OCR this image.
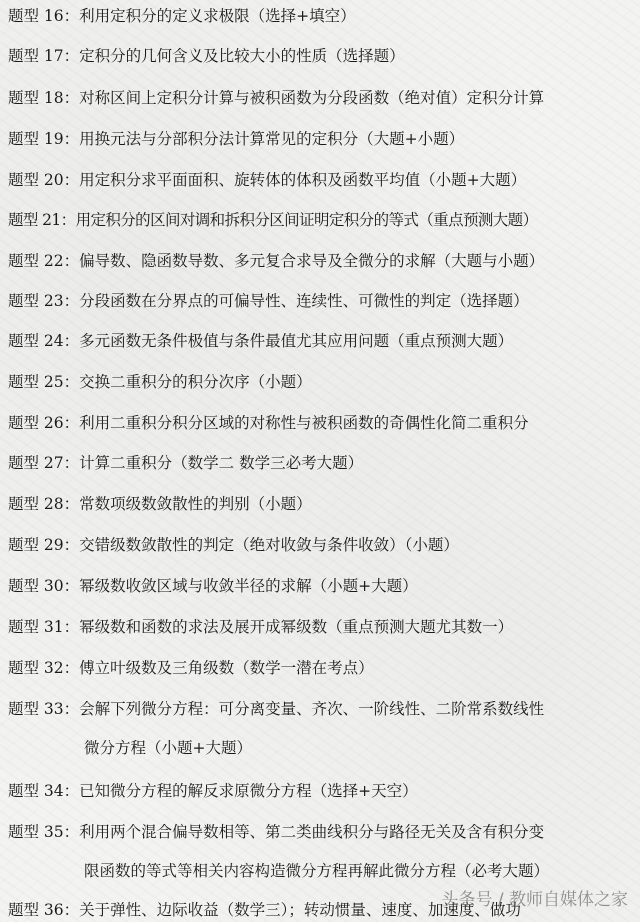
题型 16：利用定积分的定义求极限（选择+填空）
题型 17：定积分的几何含义及比较大小的性质（选择题）
题型 18：对称区间上定积分计算与被积函数为分段函数（绝对值）定积分计算
题型 19：用换元法与分部积分法计算常见的定积分（大题+小题）
题型 20：用定积分求平面面积、旋转体的体积及函数平均值（小题+大题）
题型 21：用定积分的区间对调和拆积分区间证明定积分的等式（重点预测大题）
题型 22：偏导数、隐函数导数、多元复合求导及全微分的求解（大题与小题）
题型 23：分段函数在分界点的可偏导性、连续性、可微性的判定（选择题）
题型 24：多元函数无条件极值与条件最值尤其应用问题（重点预测大题）
题型 25：交换二重积分的积分次序（小题）
题型 26：利用二重积分积分区域的对称性与被积函数的奇偶性化简二重积分
题型 27：计算二重积分（数学二 数学三必考大题）
题型 28：常数项级数敛散性的判别（小题）
题型 29：交错级数敛散性的判定（绝对收敛与条件收敛）（小题）
题型 30：幂级数收敛区域与收敛半径的求解（小题+大题）
题型 31：幂级数和函数的求法及展开成幂级数（重点预测大题尤其数一）
题型 32：傅立叶级数及三角级数（数学一潜在考点）
题型 33：会解下列微分方程：可分离变量、齐次、一阶线性、二阶常系数线性
微分方程（小题+大题）
题型 34：已知微分方程的解反求原微分方程（选择+天空）
题型 35：利用两个混合偏导数相等、第二类曲线积分与路径无关及含有积分变
限函数的等式等相关内容构造微分方程再解此微分方程（必考大题）
题型 36：关于弹性、边际收益（数学三）；转动惯量、速度、加速度、做功
头条号 / 教师自媒体之家
